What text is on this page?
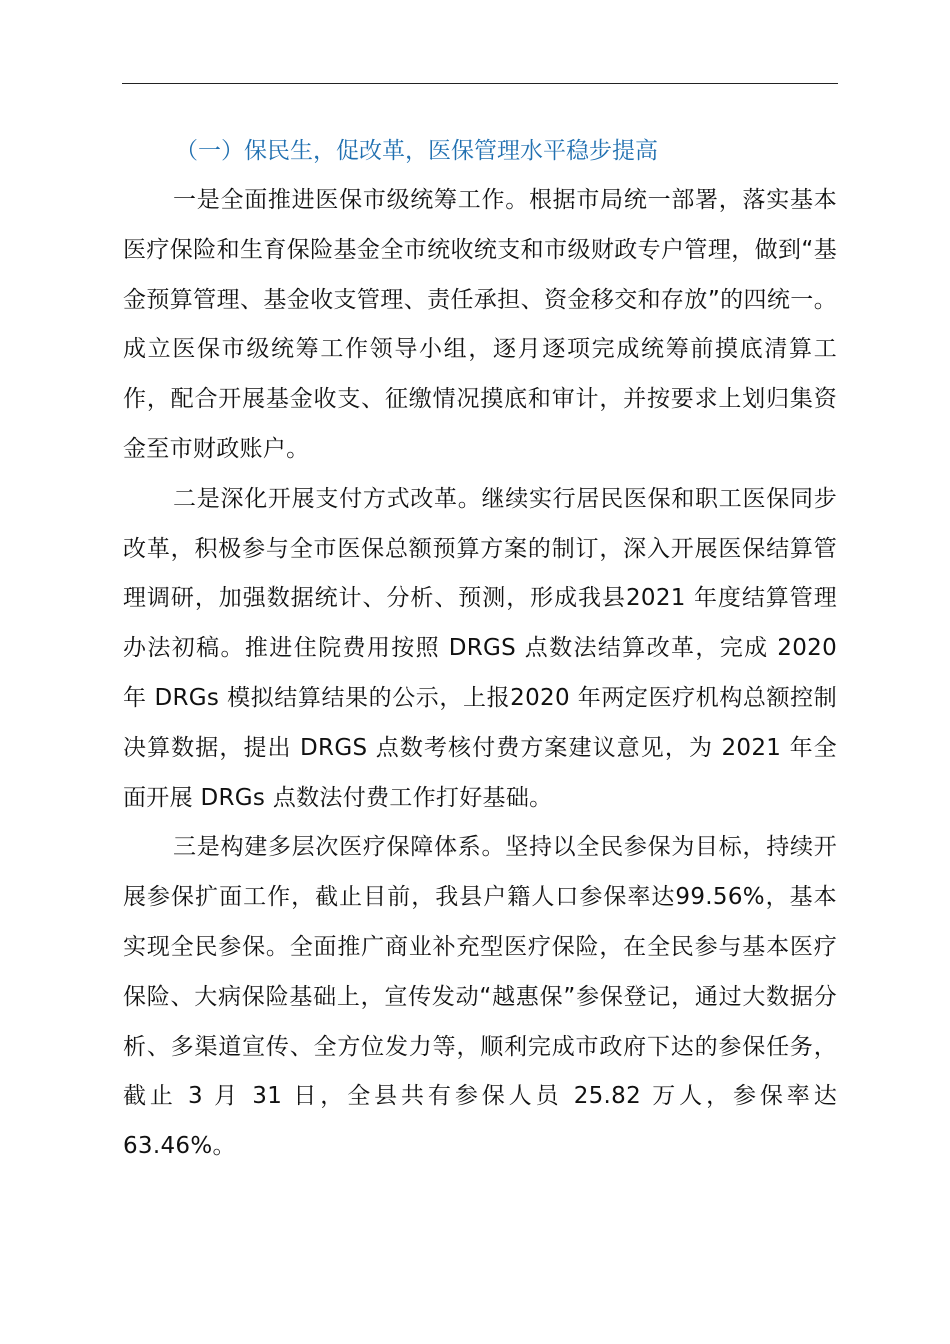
（一）保民生，促改革，医保管理水平稳步提高

一是全面推进医保市级统筹工作。根据市局统一部署，落实基本医疗保险和生育保险基金全市统收统支和市级财政专户管理，做到“基金预算管理、基金收支管理、责任承担、资金移交和存放”的四统一。成立医保市级统筹工作领导小组，逐月逐项完成统筹前摸底清算工作，配合开展基金收支、征缴情况摸底和审计，并按要求上划归集资金至市财政账户。

二是深化开展支付方式改革。继续实行居民医保和职工医保同步改革，积极参与全市医保总额预算方案的制订，深入开展医保结算管理调研，加强数据统计、分析、预测，形成我县2021 年度结算管理办法初稿。推进住院费用按照 DRGS 点数法结算改革，完成 2020 年 DRGs 模拟结算结果的公示，上报2020 年两定医疗机构总额控制决算数据，提出 DRGS 点数考核付费方案建议意见，为 2021 年全面开展 DRGs 点数法付费工作打好基础。

三是构建多层次医疗保障体系。坚持以全民参保为目标，持续开展参保扩面工作，截止目前，我县户籍人口参保率达99.56%，基本实现全民参保。全面推广商业补充型医疗保险，在全民参与基本医疗保险、大病保险基础上，宣传发动“越惠保”参保登记，通过大数据分析、多渠道宣传、全方位发力等，顺利完成市政府下达的参保任务，截止 3 月 31 日，全县共有参保人员 25.82 万人，参保率达 63.46%。
